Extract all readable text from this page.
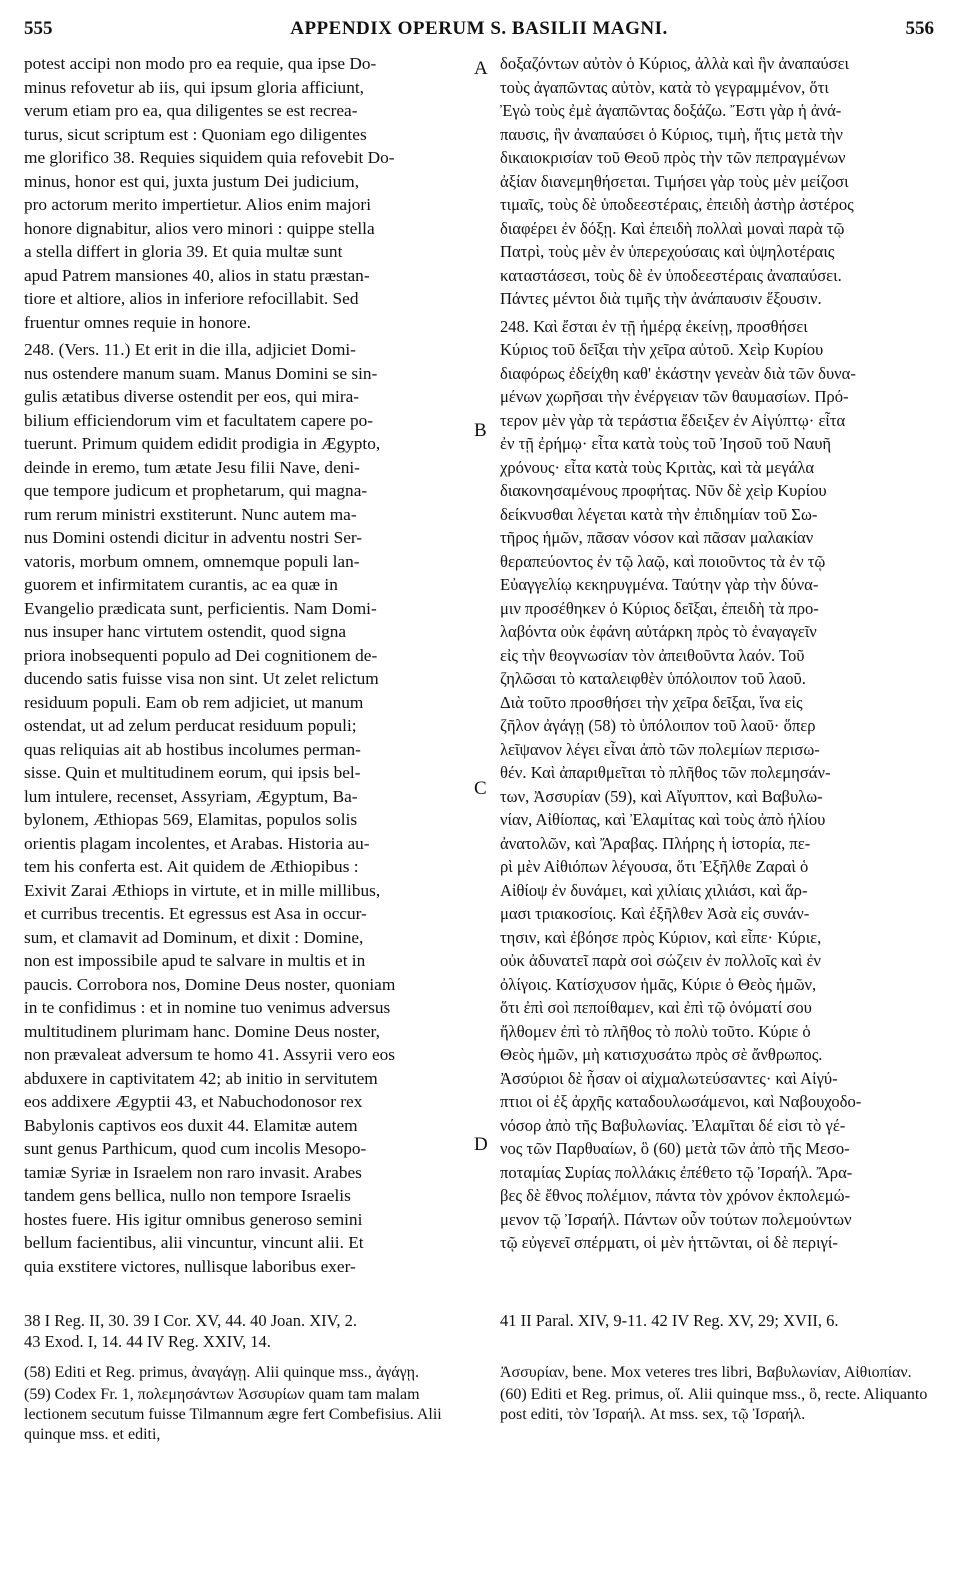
555	APPENDIX OPERUM S. BASILII MAGNI.	556

potest accipi non modo pro ea requie, qua ipse Do-
minus refovetur ab iis, qui ipsum gloria afficiunt,
verum etiam pro ea, qua diligentes se est recrea-
turus, sicut scriptum est : Quoniam ego diligentes
me glorifico 38. Requies siquidem quia refovebit Do-
minus, honor est qui, juxta justum Dei judicium,
pro actorum merito impertietur. Alios enim majori
honore dignabitur, alios vero minori : quippe stella
a stella differt in gloria 39. Et quia multæ sunt
apud Patrem mansiones 40, alios in statu præstan-
tiore et altiore, alios in inferiore refocillabit. Sed
fruentur omnes requie in honore.

248. (Vers. 11.) Et erit in die illa, adjiciet Domi-
nus ostendere manum suam. Manus Domini se sin-
gulis ætatibus diverse ostendit per eos, qui mira-
bilium efficiendorum vim et facultatem capere po-
tuerunt. Primum quidem edidit prodigia in Ægypto,
deinde in eremo, tum ætate Jesu filii Nave, deni-
que tempore judicum et prophetarum, qui magna-
rum rerum ministri exstiterunt. Nunc autem ma-
nus Domini ostendi dicitur in adventu nostri Ser-
vatoris, morbum omnem, omnemque populi lan-
guorem et infirmitatem curantis, ac ea quæ in
Evangelio prædicata sunt, perficientis. Nam Domi-
nus insuper hanc virtutem ostendit, quod signa
priora inobsequenti populo ad Dei cognitionem de-
ducendo satis fuisse visa non sint. Ut zelet relictum
residuum populi. Eam ob rem adjiciet, ut manum
ostendat, ut ad zelum perducat residuum populi;
quas reliquias ait ab hostibus incolumes perman-
sisse. Quin et multitudinem eorum, qui ipsis bel-
lum intulere, recenset, Assyriam, Ægyptum, Ba-
bylonem, Æthiopas 569, Elamitas, populos solis
orientis plagam incolentes, et Arabas. Historia au-
tem his conferta est. Ait quidem de Æthiopibus :
Exivit Zarai Æthiops in virtute, et in mille millibus,
et curribus trecentis. Et egressus est Asa in occur-
sum, et clamavit ad Dominum, et dixit : Domine,
non est impossibile apud te salvare in multis et in
paucis. Corrobora nos, Domine Deus noster, quoniam
in te confidimus : et in nomine tuo venimus adversus
multitudinem plurimam hanc. Domine Deus noster,
non prævaleat adversum te homo 41. Assyrii vero eos
abduxere in captivitatem 42; ab initio in servitutem
eos addixere Ægyptii 43, et Nabuchodonosor rex
Babylonis captivos eos duxit 44. Elamitæ autem
sunt genus Parthicum, quod cum incolis Mesopo-
tamiæ Syriæ in Israelem non raro invasit. Arabes
tandem gens bellica, nullo non tempore Israelis
hostes fuere. His igitur omnibus generoso semini
bellum facientibus, alii vincuntur, vincunt alii. Et
quia exstitere victores, nullisque laboribus exer-

δοξαζόντων αὐτὸν ὁ Κύριος, ἀλλὰ καὶ ἣν ἀναπαύσει
τοὺς ἀγαπῶντας αὐτὸν, κατὰ τὸ γεγραμμένον, ὅτι
Ἐγὼ τοὺς ἐμὲ ἀγαπῶντας δοξάζω. Ἔστι γὰρ ἡ ἀνά-
παυσις, ἣν ἀναπαύσει ὁ Κύριος, τιμὴ, ἥτις μετὰ τὴν
δικαιοκρισίαν τοῦ Θεοῦ πρὸς τὴν τῶν πεπραγμένων
ἀξίαν διανεμηθήσεται. Τιμήσει γὰρ τοὺς μὲν μείζοσι
τιμαῖς, τοὺς δὲ ὑποδεεστέραις, ἐπειδὴ ἀστὴρ ἀστέρος
διαφέρει ἐν δόξῃ. Καὶ ἐπειδὴ πολλαὶ μοναὶ παρὰ τῷ
Πατρὶ, τοὺς μὲν ἐν ὑπερεχούσαις καὶ ὑψηλοτέραις
καταστάσεσι, τοὺς δὲ ἐν ὑποδεεστέραις ἀναπαύσει.
Πάντες μέντοι διὰ τιμῆς τὴν ἀνάπαυσιν ἕξουσιν.

248. Καὶ ἔσται ἐν τῇ ἡμέρᾳ ἐκείνῃ, προσθήσει
Κύριος τοῦ δεῖξαι τὴν χεῖρα αὐτοῦ. Χεὶρ Κυρίου
διαφόρως ἐδείχθη καθ' ἑκάστην γενεὰν διὰ τῶν δυνα-
μένων χωρῆσαι τὴν ἐνέργειαν τῶν θαυμασίων. Πρό-
τερον μὲν γὰρ τὰ τεράστια ἔδειξεν ἐν Αἰγύπτῳ· εἶτα
ἐν τῇ ἐρήμῳ· εἶτα κατὰ τοὺς τοῦ Ἰησοῦ τοῦ Ναυῆ
χρόνους· εἶτα κατὰ τοὺς Κριτὰς, καὶ τὰ μεγάλα
διακονησαμένους προφήτας. Νῦν δὲ χεὶρ Κυρίου
δείκνυσθαι λέγεται κατὰ τὴν ἐπιδημίαν τοῦ Σω-
τῆρος ἡμῶν, πᾶσαν νόσον καὶ πᾶσαν μαλακίαν
θεραπεύοντος ἐν τῷ λαῷ, καὶ ποιοῦντος τὰ ἐν τῷ
Εὐαγγελίῳ κεκηρυγμένα. Ταύτην γὰρ τὴν δύνα-
μιν προσέθηκεν ὁ Κύριος δεῖξαι, ἐπειδὴ τὰ προ-
λαβόντα οὐκ ἐφάνη αὐτάρκη πρὸς τὸ ἐναγαγεῖν
εἰς τὴν θεογνωσίαν τὸν ἀπειθοῦντα λαόν. Τοῦ
ζηλῶσαι τὸ καταλειφθὲν ὑπόλοιπον τοῦ λαοῦ.
Διὰ τοῦτο προσθήσει τὴν χεῖρα δεῖξαι, ἵνα εἰς
ζῆλον ἀγάγῃ (58) τὸ ὑπόλοιπον τοῦ λαοῦ· ὅπερ
λεῖψανον λέγει εἶναι ἀπὸ τῶν πολεμίων περισω-
θέν. Καὶ ἀπαριθμεῖται τὸ πλῆθος τῶν πολεμησάν-
των, Ἀσσυρίαν (59), καὶ Αἴγυπτον, καὶ Βαβυλω-
νίαν, Αἰθίοπας, καὶ Ἐλαμίτας καὶ τοὺς ἀπὸ ἡλίου
ἀνατολῶν, καὶ Ἄραβας. Πλήρης ἡ ἱστορία, πε-
ρὶ μὲν Αἰθιόπων λέγουσα, ὅτι Ἐξῆλθε Ζαραὶ ὁ
Αἰθίοψ ἐν δυνάμει, καὶ χιλίαις χιλιάσι, καὶ ἅρ-
μασι τριακοσίοις. Καὶ ἐξῆλθεν Ἀσὰ εἰς συνάν-
τησιν, καὶ ἐβόησε πρὸς Κύριον, καὶ εἶπε· Κύριε,
οὐκ ἀδυνατεῖ παρὰ σοὶ σώζειν ἐν πολλοῖς καὶ ἐν
ὀλίγοις. Κατίσχυσον ἡμᾶς, Κύριε ὁ Θεὸς ἡμῶν,
ὅτι ἐπὶ σοὶ πεποίθαμεν, καὶ ἐπὶ τῷ ὀνόματί σου
ἤλθομεν ἐπὶ τὸ πλῆθος τὸ πολὺ τοῦτο. Κύριε ὁ
Θεὸς ἡμῶν, μὴ κατισχυσάτω πρὸς σὲ ἄνθρωπος.
Ἀσσύριοι δὲ ἦσαν οἱ αἰχμαλωτεύσαντες· καὶ Αἰγύ-
πτιοι οἱ ἐξ ἀρχῆς καταδουλωσάμενοι, καὶ Ναβουχοδο-
νόσορ ἀπὸ τῆς Βαβυλωνίας. Ἐλαμῖται δέ εἰσι τὸ γέ-
νος τῶν Παρθυαίων, ὃ (60) μετὰ τῶν ἀπὸ τῆς Μεσο-
ποταμίας Συρίας πολλάκις ἐπέθετο τῷ Ἰσραήλ. Ἄρα-
βες δὲ ἔθνος πολέμιον, πάντα τὸν χρόνον ἐκπολεμώ-
μενον τῷ Ἰσραήλ. Πάντων οὖν τούτων πολεμούντων
τῷ εὐγενεῖ σπέρματι, οἱ μὲν ἡττῶνται, οἱ δὲ περιγί-

A
B
C
D
38 I Reg. II, 30. 39 I Cor. XV, 44. 40 Joan. XIV, 2.
43 Exod. I, 14. 44 IV Reg. XXIV, 14.
41 II Paral. XIV, 9-11. 42 IV Reg. XV, 29; XVII, 6.

(58) Editi et Reg. primus, ἀναγάγῃ. Alii quinque mss., ἀγάγῃ.

(59) Codex Fr. 1, πολεμησάντων Ἀσσυρίων quam tam malam lectionem secutum fuisse Tilmannum ægre fert Combefisius. Alii quinque mss. et editi,

Ἀσσυρίαν, bene. Mox veteres tres libri, Βαβυλωνίαν, Αἰθιοπίαν.

(60) Editi et Reg. primus, οἵ. Alii quinque mss., ὃ, recte. Aliquanto post editi, τὸν Ἰσραήλ. At mss. sex, τῷ Ἰσραήλ.
